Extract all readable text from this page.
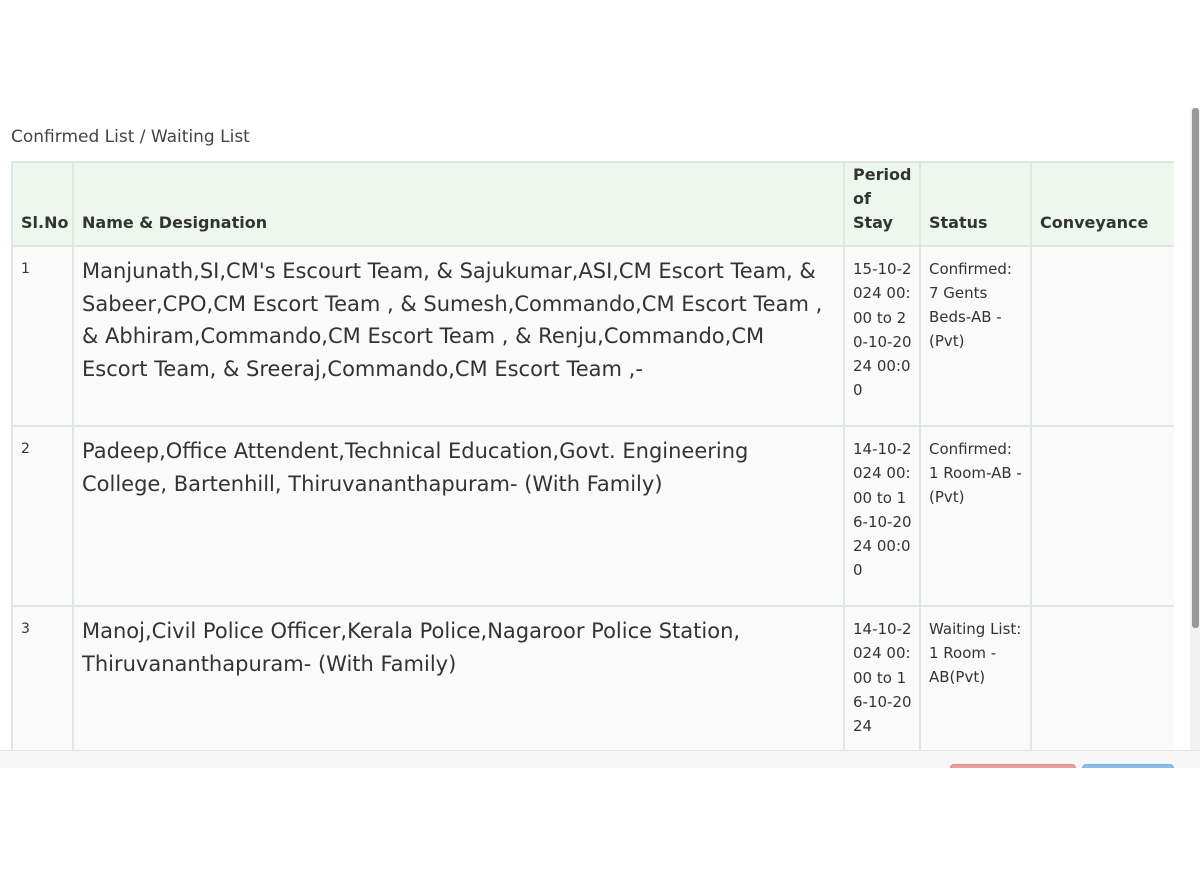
Confirmed List / Waiting List
Sl.No	Name & Designation	Period of Stay	Status	Conveyance
1	Manjunath,SI,CM's Escourt Team, & Sajukumar,ASI,CM Escort Team, & Sabeer,CPO,CM Escort Team , & Sumesh,Commando,CM Escort Team , & Abhiram,Commando,CM Escort Team , & Renju,Commando,CM Escort Team, & Sreeraj,Commando,CM Escort Team ,-	15-10-2024 00:00 to 20-10-2024 00:00	Confirmed: 7 Gents Beds-AB -(Pvt)	
2	Padeep,Office Attendent,Technical Education,Govt. Engineering College, Bartenhill, Thiruvananthapuram- (With Family)	14-10-2024 00:00 to 16-10-2024 00:00	Confirmed: 1 Room-AB -(Pvt)	
3	Manoj,Civil Police Officer,Kerala Police,Nagaroor Police Station, Thiruvananthapuram- (With Family)	14-10-2024 00:00 to 16-10-2024	Waiting List: 1 Room - AB(Pvt)	
